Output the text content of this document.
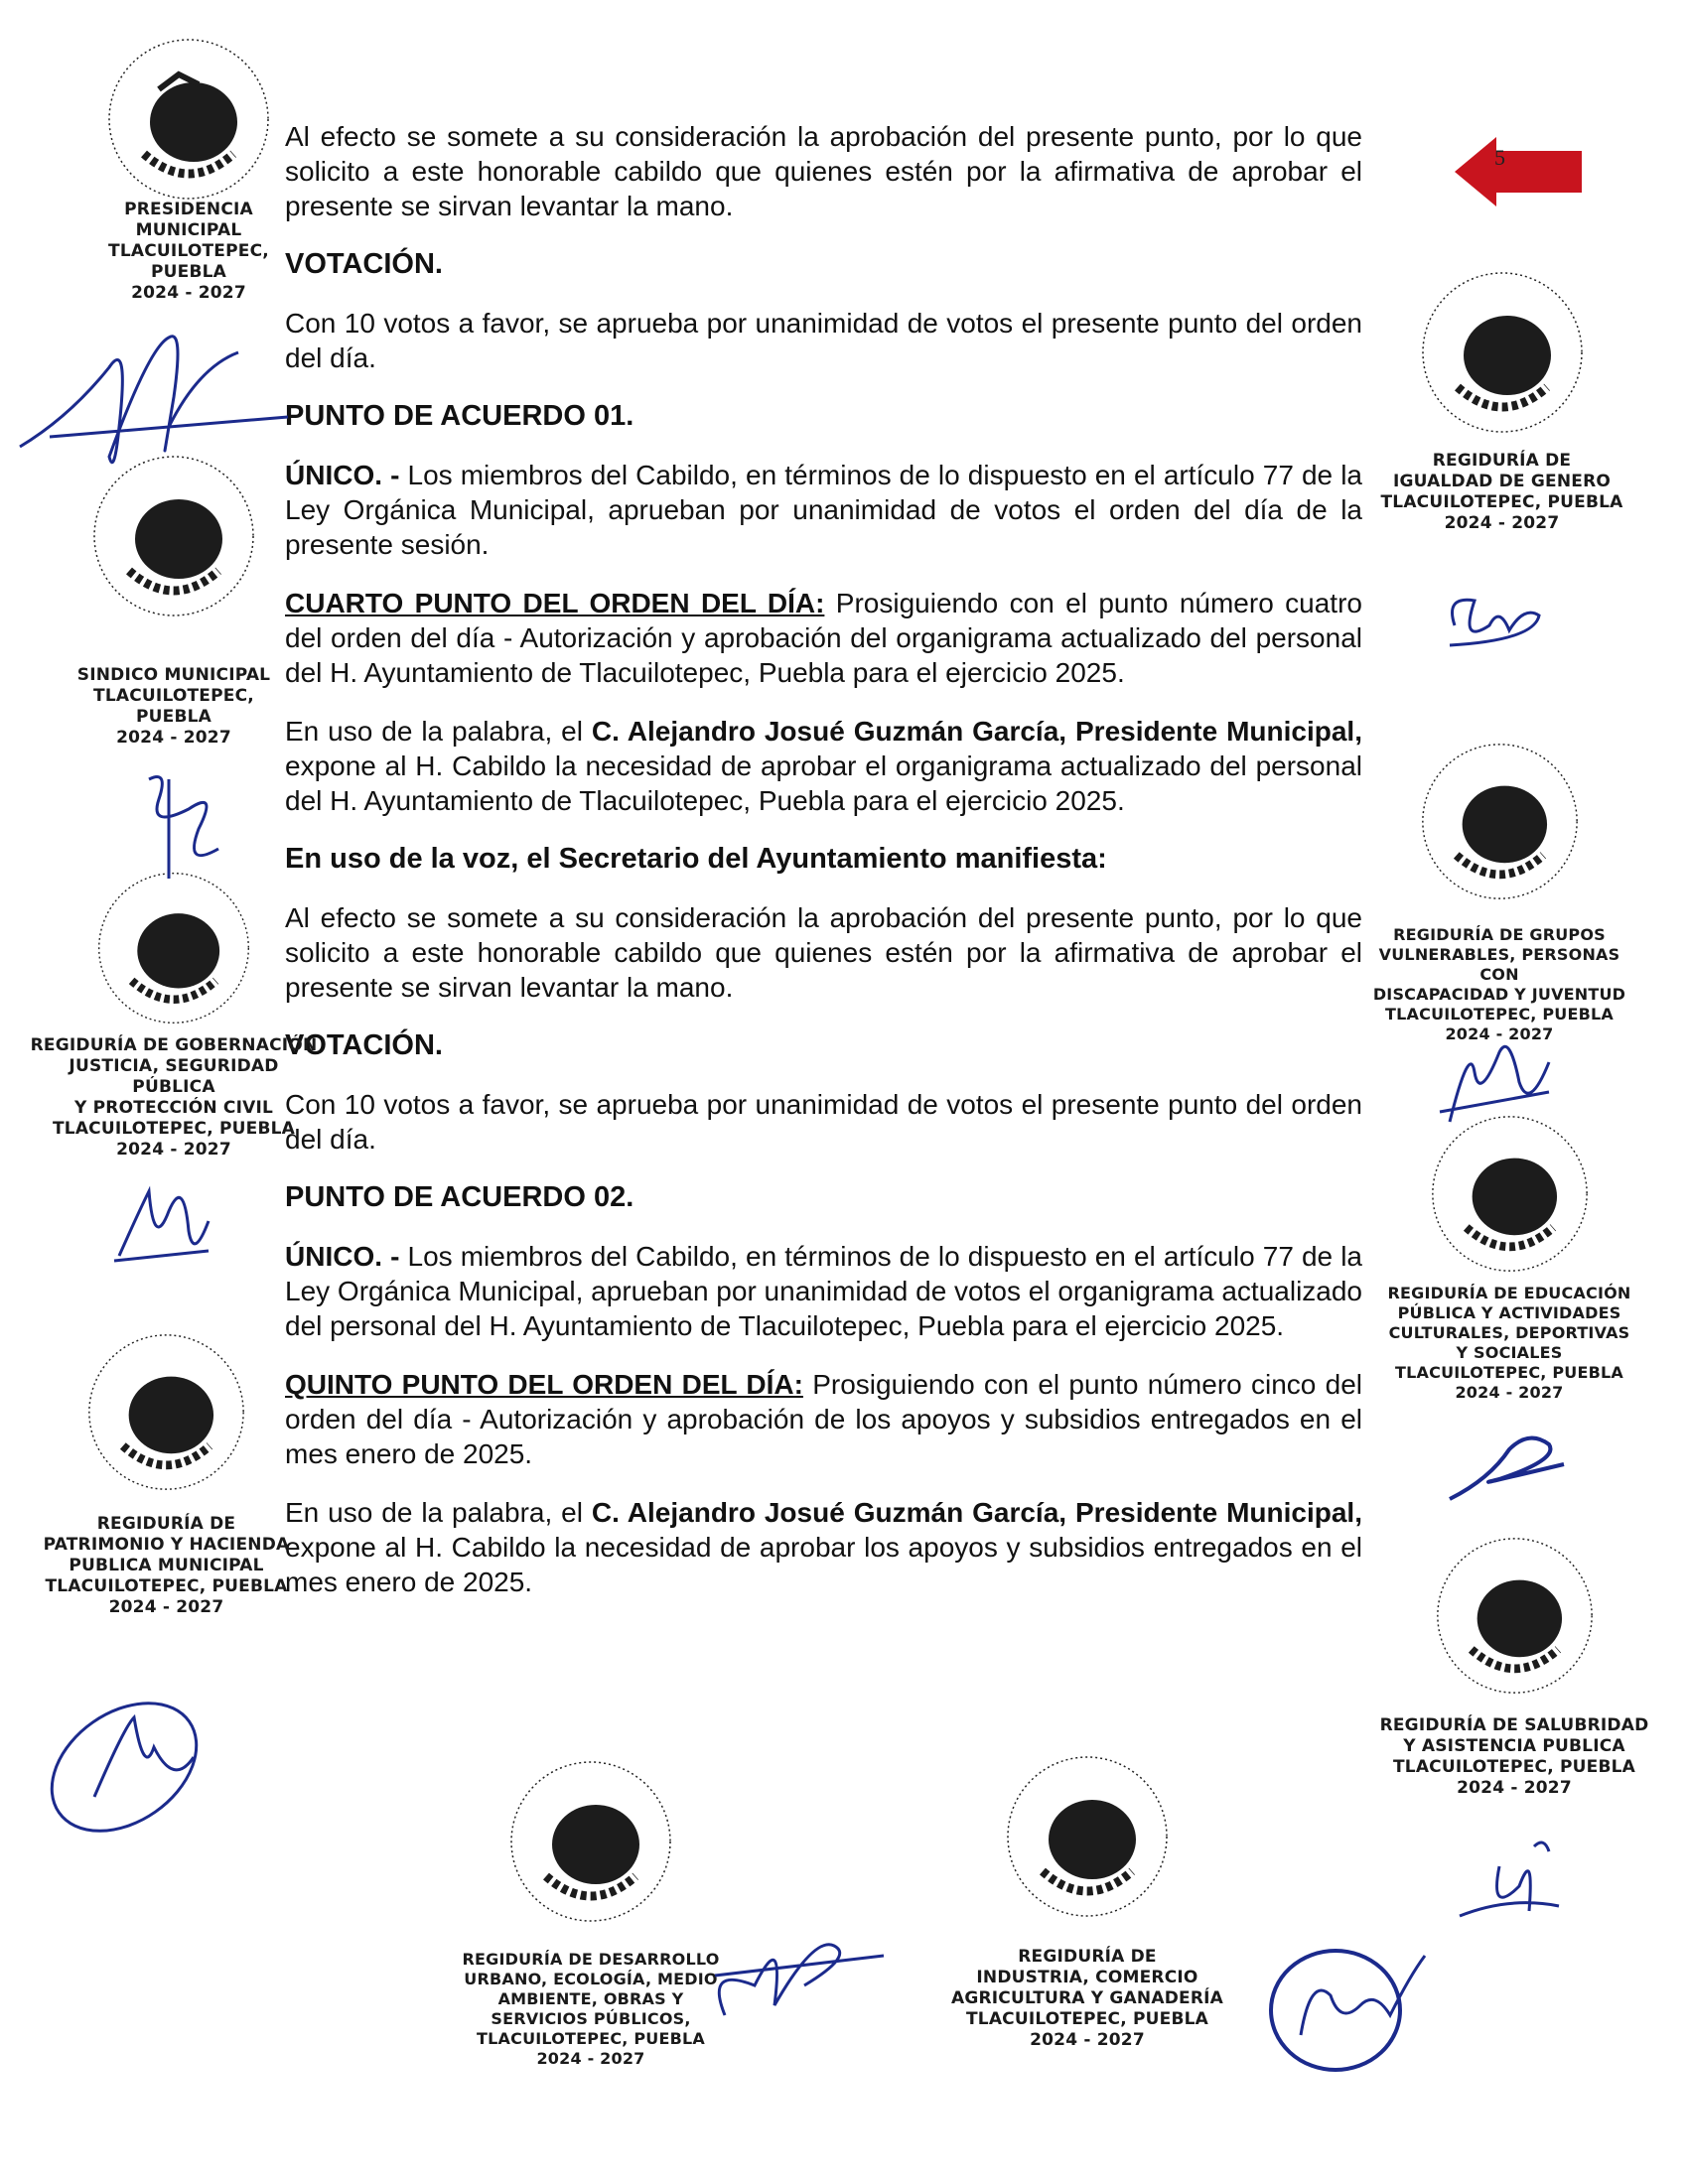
5

Al efecto se somete a su consideración la aprobación del presente punto, por lo que solicito a este honorable cabildo que quienes estén por la afirmativa de aprobar el presente se sirvan levantar la mano.

VOTACIÓN.

Con 10 votos a favor, se aprueba por unanimidad de votos el presente punto del orden del día.

PUNTO DE ACUERDO 01.

ÚNICO. - Los miembros del Cabildo, en términos de lo dispuesto en el artículo 77 de la Ley Orgánica Municipal, aprueban por unanimidad de votos el orden del día de la presente sesión.

CUARTO PUNTO DEL ORDEN DEL DÍA: Prosiguiendo con el punto número cuatro del orden del día - Autorización y aprobación del organigrama actualizado del personal del H. Ayuntamiento de Tlacuilotepec, Puebla para el ejercicio 2025.

En uso de la palabra, el C. Alejandro Josué Guzmán García, Presidente Municipal, expone al H. Cabildo la necesidad de aprobar el organigrama actualizado del personal del H. Ayuntamiento de Tlacuilotepec, Puebla para el ejercicio 2025.

En uso de la voz, el Secretario del Ayuntamiento manifiesta:

Al efecto se somete a su consideración la aprobación del presente punto, por lo que solicito a este honorable cabildo que quienes estén por la afirmativa de aprobar el presente se sirvan levantar la mano.

VOTACIÓN.

Con 10 votos a favor, se aprueba por unanimidad de votos el presente punto del orden del día.

PUNTO DE ACUERDO 02.

ÚNICO. - Los miembros del Cabildo, en términos de lo dispuesto en el artículo 77 de la Ley Orgánica Municipal, aprueban por unanimidad de votos el organigrama actualizado del personal del H. Ayuntamiento de Tlacuilotepec, Puebla para el ejercicio 2025.

QUINTO PUNTO DEL ORDEN DEL DÍA: Prosiguiendo con el punto número cinco del orden del día - Autorización y aprobación de los apoyos y subsidios entregados en el mes enero de 2025.

En uso de la palabra, el C. Alejandro Josué Guzmán García, Presidente Municipal, expone al H. Cabildo la necesidad de aprobar los apoyos y subsidios entregados en el mes enero de 2025.

PRESIDENCIA
MUNICIPAL
TLACUILOTEPEC, PUEBLA
2024 - 2027
SINDICO MUNICIPAL
TLACUILOTEPEC, PUEBLA
2024 - 2027
REGIDURÍA DE GOBERNACIÓN
JUSTICIA, SEGURIDAD PÚBLICA
Y PROTECCIÓN CIVIL
TLACUILOTEPEC, PUEBLA
2024 - 2027
REGIDURÍA DE
PATRIMONIO Y HACIENDA
PUBLICA MUNICIPAL
TLACUILOTEPEC, PUEBLA
2024 - 2027
REGIDURÍA DE
IGUALDAD DE GENERO
TLACUILOTEPEC, PUEBLA
2024 - 2027
REGIDURÍA DE GRUPOS
VULNERABLES, PERSONAS CON
DISCAPACIDAD Y JUVENTUD
TLACUILOTEPEC, PUEBLA
2024 - 2027
REGIDURÍA DE EDUCACIÓN
PÚBLICA Y ACTIVIDADES
CULTURALES, DEPORTIVAS
Y SOCIALES
TLACUILOTEPEC, PUEBLA
2024 - 2027
REGIDURÍA DE SALUBRIDAD
Y ASISTENCIA PUBLICA
TLACUILOTEPEC, PUEBLA
2024 - 2027
REGIDURÍA DE DESARROLLO
URBANO, ECOLOGÍA, MEDIO
AMBIENTE, OBRAS Y
SERVICIOS PÚBLICOS,
TLACUILOTEPEC, PUEBLA
2024 - 2027
REGIDURÍA DE
INDUSTRIA, COMERCIO
AGRICULTURA Y GANADERÍA
TLACUILOTEPEC, PUEBLA
2024 - 2027
